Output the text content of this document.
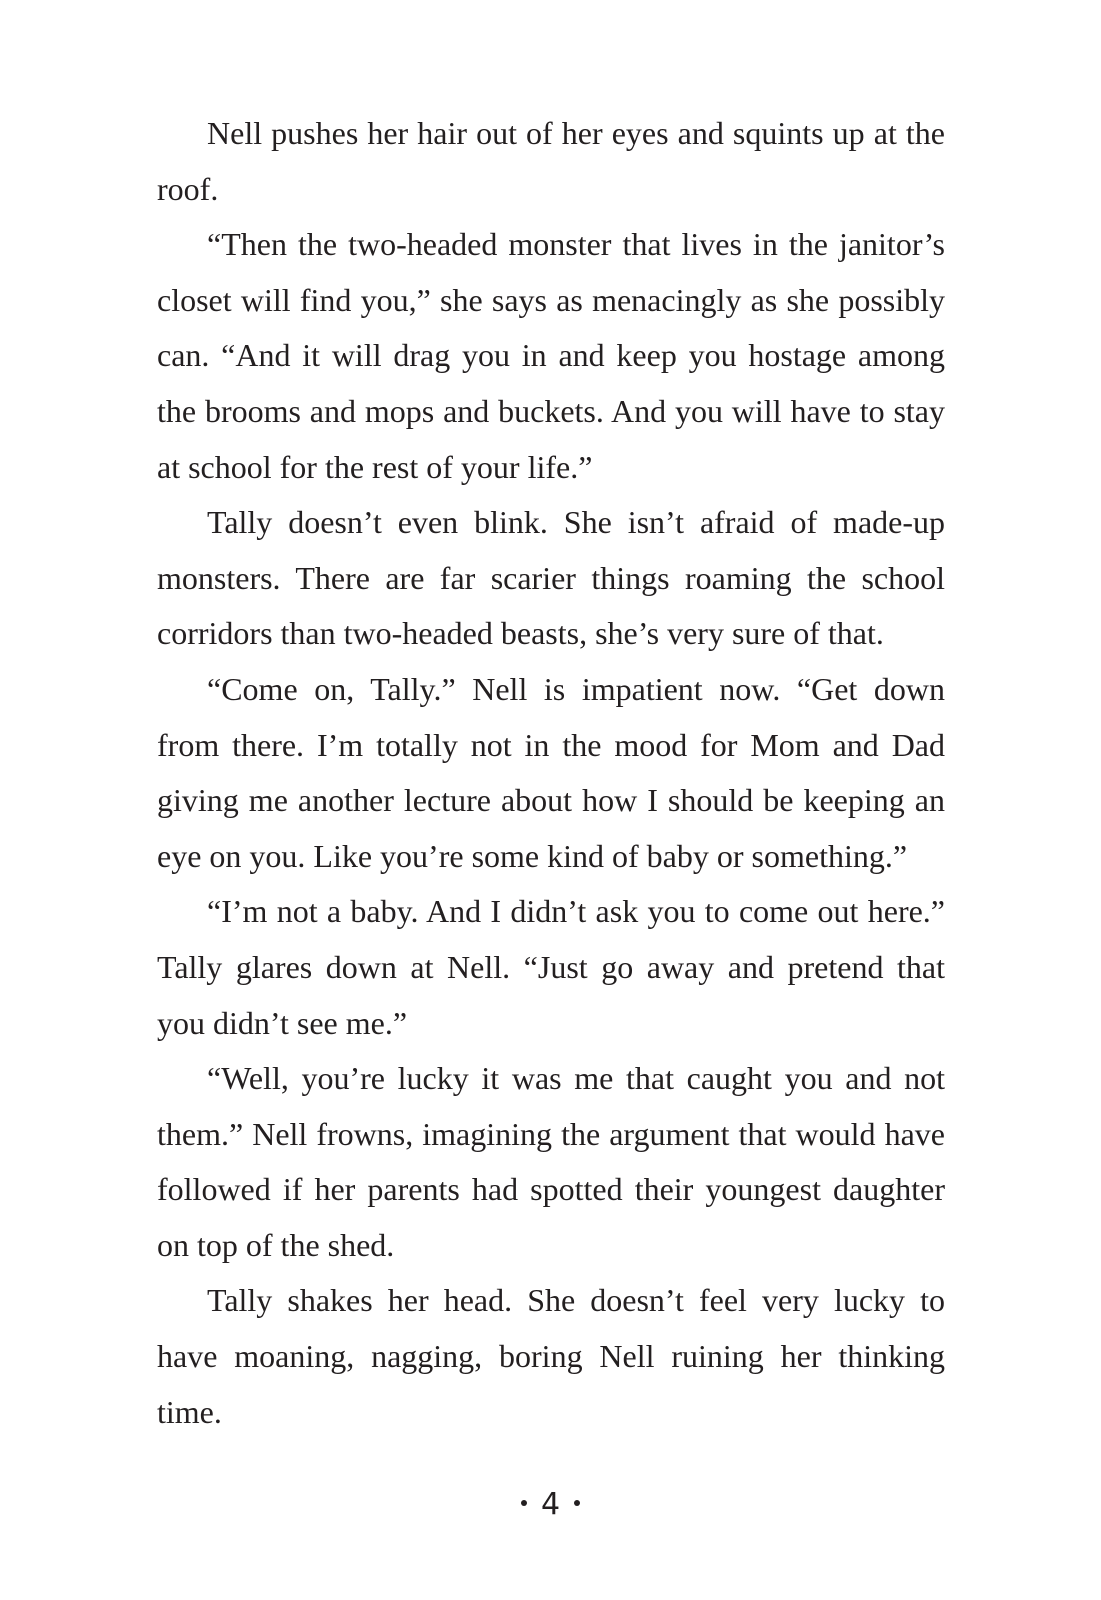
Nell pushes her hair out of her eyes and squints up at the roof.

“Then the two-headed monster that lives in the janitor’s closet will find you,” she says as menacingly as she possibly can. “And it will drag you in and keep you hostage among the brooms and mops and buckets. And you will have to stay at school for the rest of your life.”

Tally doesn’t even blink. She isn’t afraid of made-up monsters. There are far scarier things roaming the school corridors than two-headed beasts, she’s very sure of that.

“Come on, Tally.” Nell is impatient now. “Get down from there. I’m totally not in the mood for Mom and Dad giving me another lecture about how I should be keeping an eye on you. Like you’re some kind of baby or something.”

“I’m not a baby. And I didn’t ask you to come out here.” Tally glares down at Nell. “Just go away and pretend that you didn’t see me.”

“Well, you’re lucky it was me that caught you and not them.” Nell frowns, imagining the argument that would have followed if her parents had spotted their youngest daughter on top of the shed.

Tally shakes her head. She doesn’t feel very lucky to have moaning, nagging, boring Nell ruining her thinking time.

4
